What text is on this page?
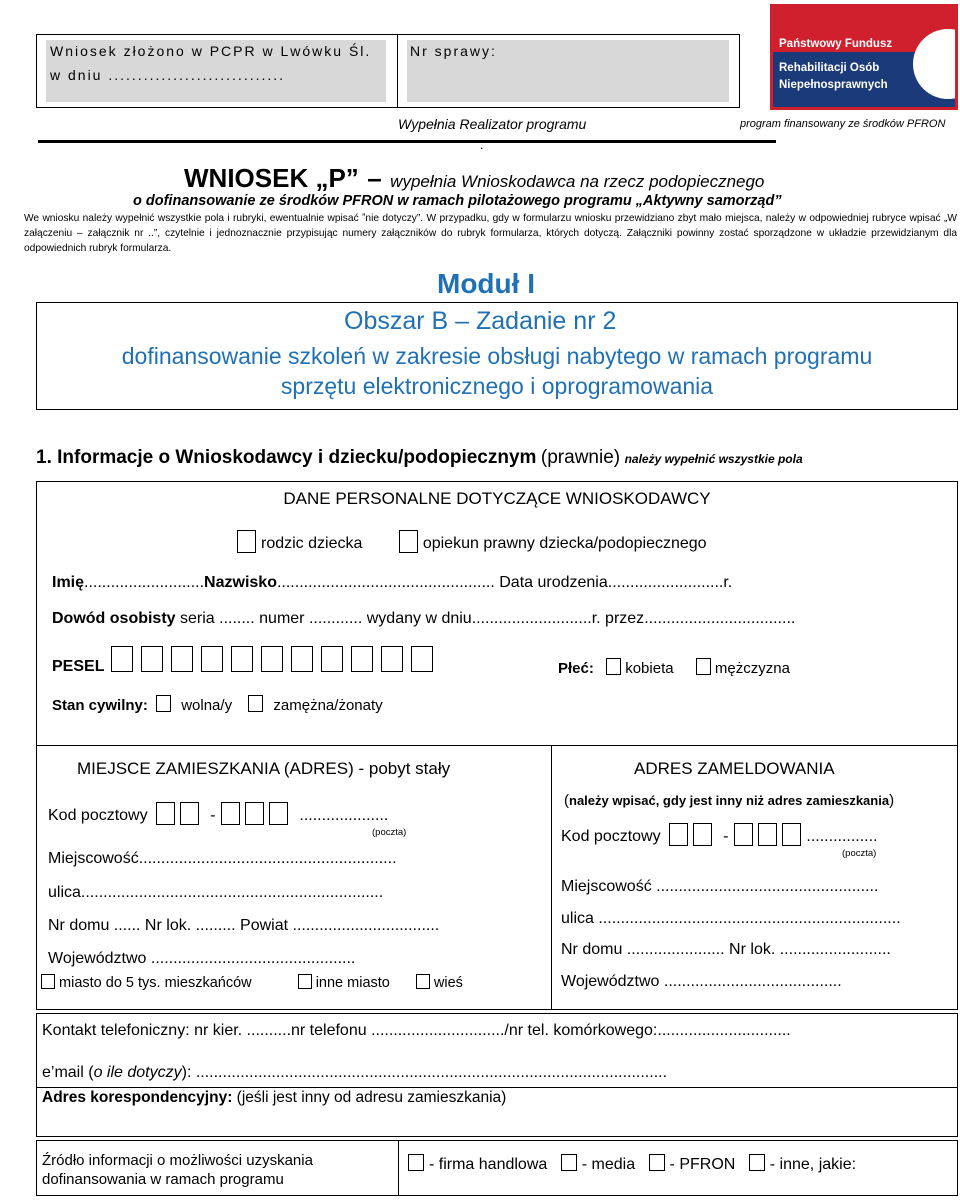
Wniosek złożono w PCPR w Lwówku Śl.
w dniu ..............................
Nr sprawy:	Państwowy Fundusz
Rehabilitacji Osób
Niepełnosprawnych
Wypełnia Realizator programu	program finansowany ze środków PFRON
.
WNIOSEK „P” – wypełnia Wnioskodawca na rzecz podopiecznego
o dofinansowanie ze środków PFRON w ramach pilotażowego programu „Aktywny samorząd”
We wniosku należy wypełnić wszystkie pola i rubryki, ewentualnie wpisać ˮnie dotyczy”. W przypadku, gdy w formularzu wniosku przewidziano zbyt mało miejsca, należy w odpowiedniej rubryce wpisać „W załączeniu – załącznik nr ..”, czytelnie i jednoznacznie przypisując numery załączników do rubryk formularza, których dotyczą. Załączniki powinny zostać sporządzone w układzie przewidzianym dla odpowiednich rubryk formularza.
Moduł I
Obszar B – Zadanie nr 2
dofinansowanie szkoleń w zakresie obsługi nabytego w ramach programu
sprzętu elektronicznego i oprogramowania
1. Informacje o Wnioskodawcy i dziecku/podopiecznym (prawnie) należy wypełnić wszystkie pola
DANE PERSONALNE DOTYCZĄCE WNIOSKODAWCY
rodzic dziecka	opiekun prawny dziecka/podopiecznego
Imię...........................Nazwisko................................................. Data urodzenia..........................r.
Dowód osobisty seria ........ numer ............ wydany w dniu...........................r. przez..................................
PESEL	Płeć: kobieta	mężczyzna
Stan cywilny: wolna/y	zamężna/żonaty
MIEJSCE ZAMIESZKANIA (ADRES) - pobyt stały
Kod pocztowy	-	....................
(poczta)
Miejscowość..........................................................
ulica....................................................................
Nr domu ...... Nr lok. ......... Powiat .................................
Województwo ..............................................
miasto do 5 tys. mieszkańców	inne miasto	wieś
ADRES ZAMELDOWANIA
(należy wpisać, gdy jest inny niż adres zamieszkania)
Kod pocztowy	-	................
(poczta)
Miejscowość ..................................................
ulica ....................................................................
Nr domu ...................... Nr lok. .........................
Województwo ........................................
Kontakt telefoniczny: nr kier. ..........nr telefonu ............................../nr tel. komórkowego:..............................
e’mail (o ile dotyczy): ..........................................................................................................
Adres korespondencyjny: (jeśli jest inny od adresu zamieszkania)
Źródło informacji o możliwości uzyskania
dofinansowania w ramach programu
- firma handlowa - media - PFRON - inne, jakie:
